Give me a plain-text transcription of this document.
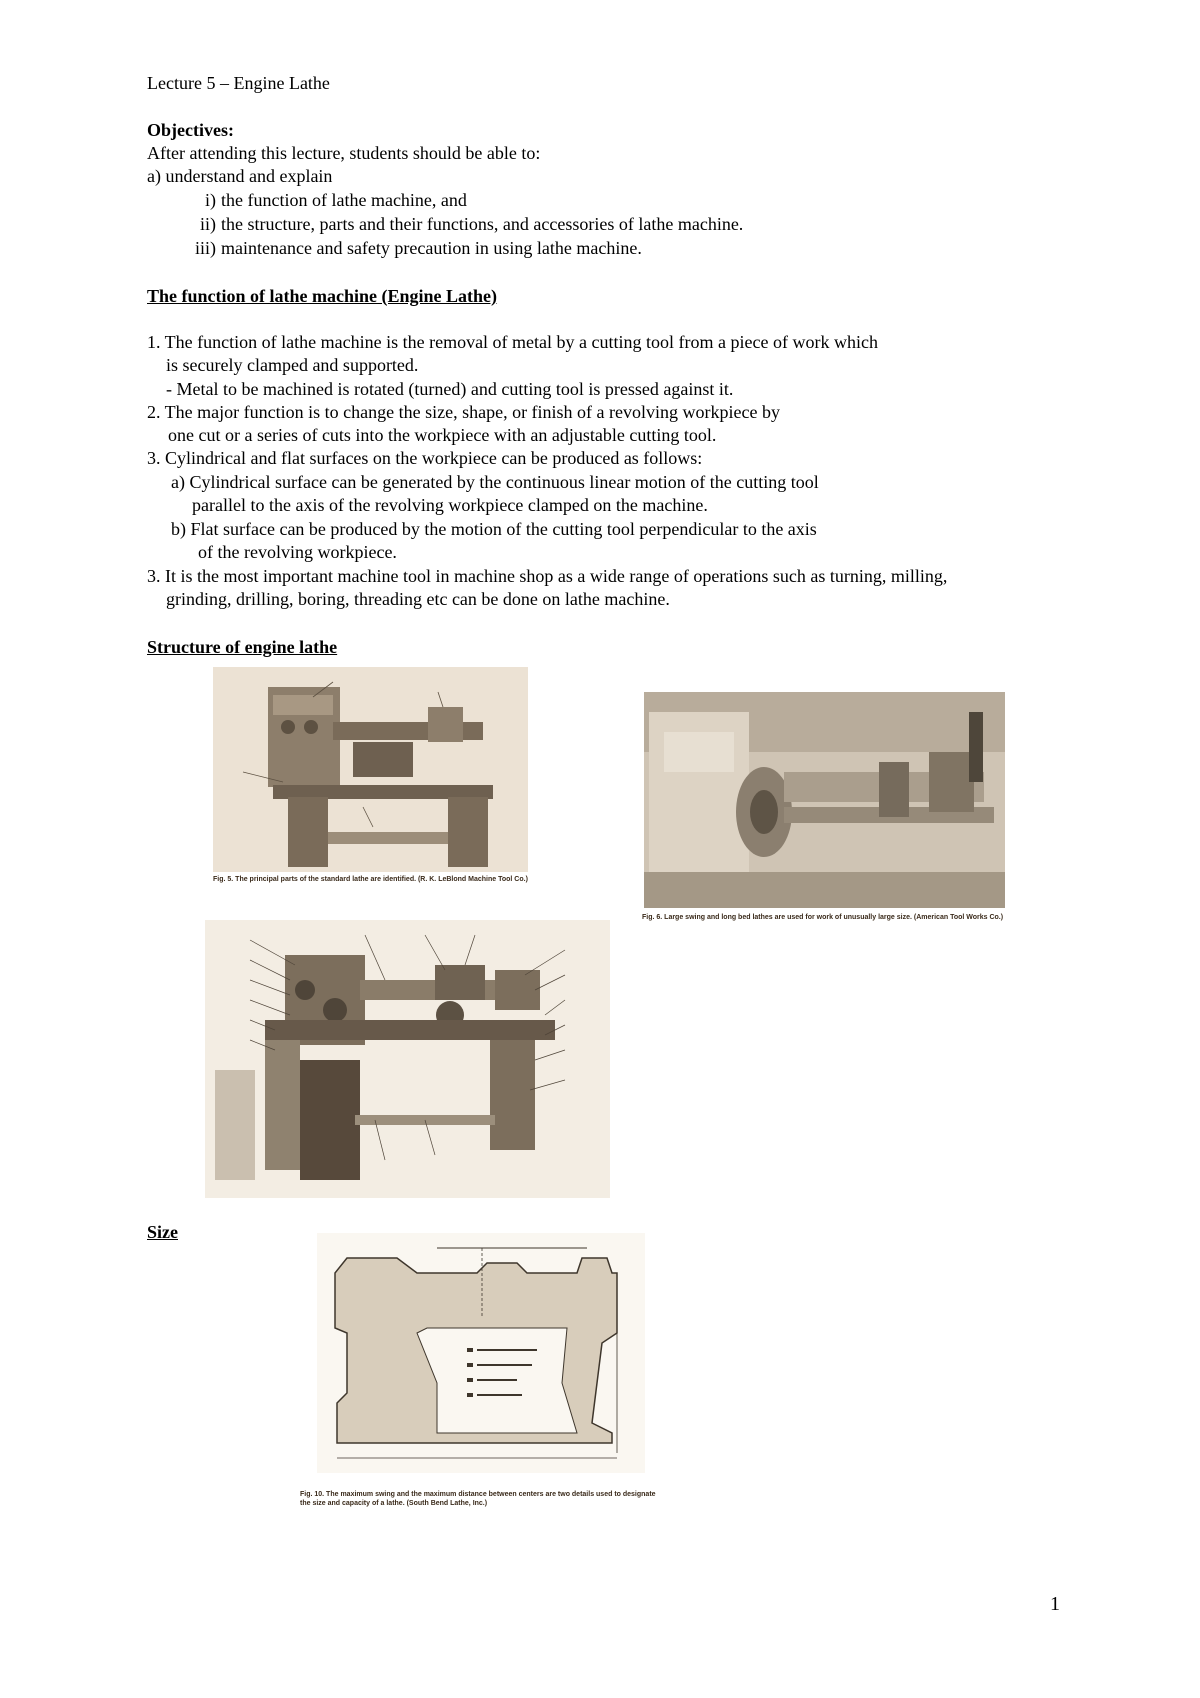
Lecture 5 – Engine Lathe
Objectives:
After attending this lecture, students should be able to:
a) understand and explain
i) the function of lathe machine, and
ii) the structure, parts and their functions, and accessories of lathe machine.
iii) maintenance and safety precaution in using lathe machine.
The function of lathe machine (Engine Lathe)
1. The function of lathe machine is the removal of metal by a cutting tool from a piece of work which
is securely clamped and supported.
- Metal to be machined is rotated (turned) and cutting tool is pressed against it.
2. The major function is to change the size, shape, or finish of a revolving workpiece by
one cut or a series of cuts into the workpiece with an adjustable cutting tool.
3. Cylindrical and flat surfaces on the workpiece can be produced as follows:
a) Cylindrical surface can be generated by the continuous linear motion of the cutting tool
parallel to the axis of the revolving workpiece clamped on the machine.
b) Flat surface can be produced by the motion of the cutting tool perpendicular to the axis
of the revolving workpiece.
3. It is the most important machine tool in machine shop as a wide range of operations such as turning, milling,
grinding, drilling, boring, threading etc can be done on lathe machine.
Structure of engine lathe
Fig. 5. The principal parts of the standard lathe are identified. (R. K. LeBlond Machine Tool Co.)
Fig. 6. Large swing and long bed lathes are used for work of unusually large size. (American Tool Works Co.)
Size
Fig. 10. The maximum swing and the maximum distance between centers are two details used to designate the size and capacity of a lathe. (South Bend Lathe, Inc.)
1
